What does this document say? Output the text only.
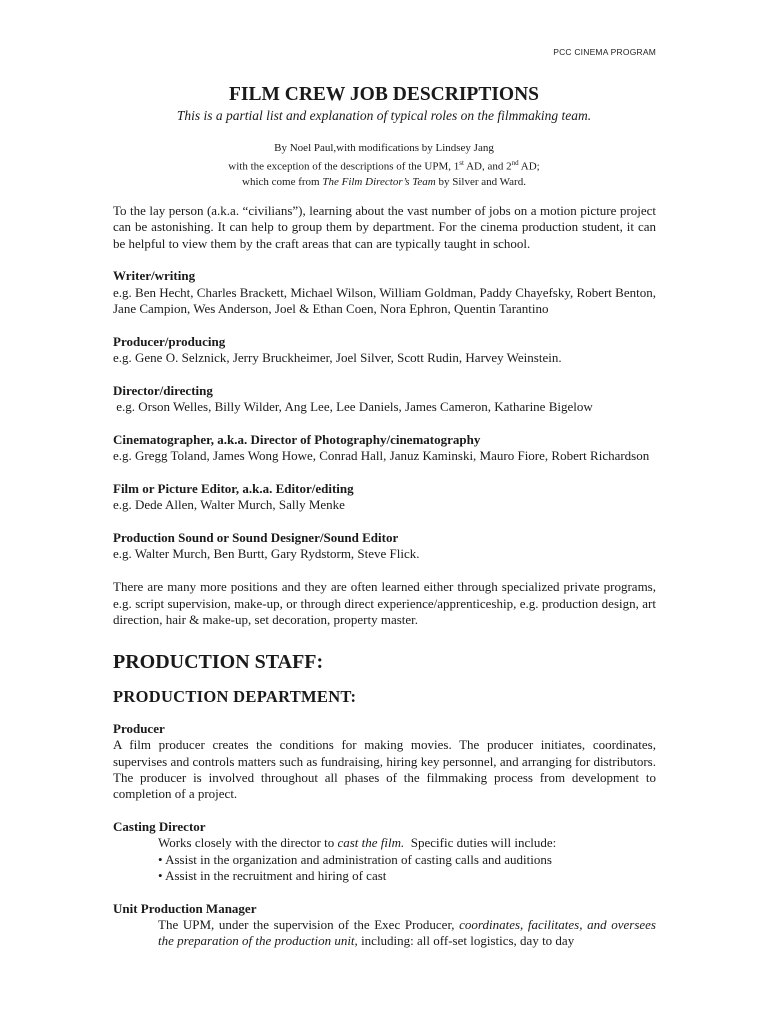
PCC CINEMA PROGRAM
FILM CREW JOB DESCRIPTIONS
This is a partial list and explanation of typical roles on the filmmaking team.
By Noel Paul,with modifications by Lindsey Jang
with the exception of the descriptions of the UPM, 1st AD, and 2nd AD;
which come from The Film Director’s Team by Silver and Ward.

To the lay person (a.k.a. “civilians”), learning about the vast number of jobs on a motion picture project can be astonishing. It can help to group them by department. For the cinema production student, it can be helpful to view them by the craft areas that can are typically taught in school.

Writer/writing

e.g. Ben Hecht, Charles Brackett, Michael Wilson, William Goldman, Paddy Chayefsky, Robert Benton, Jane Campion, Wes Anderson, Joel & Ethan Coen, Nora Ephron, Quentin Tarantino

Producer/producing

e.g. Gene O. Selznick, Jerry Bruckheimer, Joel Silver, Scott Rudin, Harvey Weinstein.

Director/directing

e.g. Orson Welles, Billy Wilder, Ang Lee, Lee Daniels, James Cameron, Katharine Bigelow

Cinematographer, a.k.a. Director of Photography/cinematography

e.g. Gregg Toland, James Wong Howe, Conrad Hall, Januz Kaminski, Mauro Fiore, Robert Richardson

Film or Picture Editor, a.k.a. Editor/editing

e.g. Dede Allen, Walter Murch, Sally Menke

Production Sound or Sound Designer/Sound Editor

e.g. Walter Murch, Ben Burtt, Gary Rydstorm, Steve Flick.

There are many more positions and they are often learned either through specialized private programs, e.g. script supervision, make-up, or through direct experience/apprenticeship, e.g. production design, art direction, hair & make-up, set decoration, property master.

PRODUCTION STAFF:
PRODUCTION DEPARTMENT:

Producer

A film producer creates the conditions for making movies. The producer initiates, coordinates, supervises and controls matters such as fundraising, hiring key personnel, and arranging for distributors. The producer is involved throughout all phases of the filmmaking process from development to completion of a project.

Casting Director

Works closely with the director to cast the film.  Specific duties will include:

• Assist in the organization and administration of casting calls and auditions

• Assist in the recruitment and hiring of cast

Unit Production Manager

The UPM, under the supervision of the Exec Producer, coordinates, facilitates, and oversees the preparation of the production unit, including: all off-set logistics, day to day
